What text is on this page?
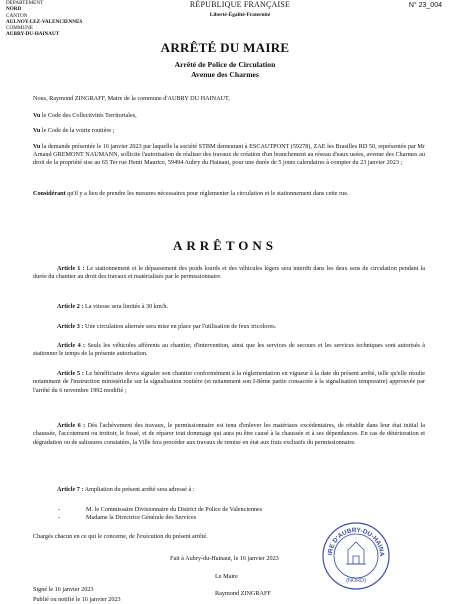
DEPARTEMENT
NORD
CANTON
AULNOY-LEZ-VALENCIENNES
COMMUNE
AUBRY-DU-HAINAUT
RÉPUBLIQUE FRANÇAISE
Liberté-Égalité-Fraternité
N° 23_004
ARRÊTÉ DU MAIRE
Arrêté de Police de Circulation
Avenue des Charmes
Nous, Raymond ZINGRAFF, Maire de la commune d'AUBRY DU HAINAUT,
Vu le Code des Collectivités Territoriales,
Vu le Code de la voirie routière ;
Vu la demande présentée le 16 janvier 2023 par laquelle la société STBM demeurant à ESCAUTPONT (59278), ZAE les Brasilles RD 50, représentée par Mr Arnaud GREMONT NAUMANN, sollicite l'autorisation de réaliser des travaux de création d'un branchement au réseau d'eaux usées, avenue des Charmes au droit de la propriété sise au 65 Ter rue Henri Maurice, 59494 Aubry du Hainaut, pour une durée de 5 jours calendaires à compter du 23 janvier 2023 ;
Considérant qu'il y a lieu de prendre les mesures nécessaires pour réglementer la circulation et le stationnement dans cette rue.
ARRÊTONS
Article 1 : Le stationnement et le dépassement des poids lourds et des véhicules légers sera interdit dans les deux sens de circulation pendant la durée du chantier au droit des travaux et matérialisés par le permissionnaire.
Article 2 : La vitesse sera limitée à 30 km/h.
Article 3 : Une circulation alternée sera mise en place par l'utilisation de feux tricolores.
Article 4 : Seuls les véhicules afférents au chantier, d'intervention, ainsi que les services de secours et les services techniques sont autorisés à stationner le temps de la présente autorisation.
Article 5 : Le bénéficiaire devra signaler son chantier conformément à la réglementation en vigueur à la date du présent arrêté, telle qu'elle résulte notamment de l'instruction ministérielle sur la signalisation routière (et notamment son I-8ème partie consacrée à la signalisation temporaire) approuvée par l'arrêté du 6 novembre 1992 modifié ;
Article 6 : Dès l'achèvement des travaux, le permissionnaire est tenu d'enlever les matériaux excédentaires, de rétablir dans leur état initial la chaussée, l'accotement ou trottoir, le fossé, et de réparer tout dommage qui aura pu être causé à la chaussée et à ses dépendances. En cas de détérioration et dégradation ou de salissures constatées, la Ville fera procéder aux travaux de remise en état aux frais exclusifs du permissionnaire.
Article 7 : Ampliation du présent arrêté sera adressé à :
- M. le Commissaire Divisionnaire du District de Police de Valenciennes
- Madame la Directrice Générale des Services
Chargés chacun en ce qui le concerne, de l'exécution du présent arrêté.
Fait à Aubry-du-Hainaut, le 16 janvier 2023
Le Maire
Raymond ZINGRAFF
Signé le 16 janvier 2023
Publié ou notifié le 16 janvier 2023
IRE D'AUBRY-DU-HAINA
(NORD)
